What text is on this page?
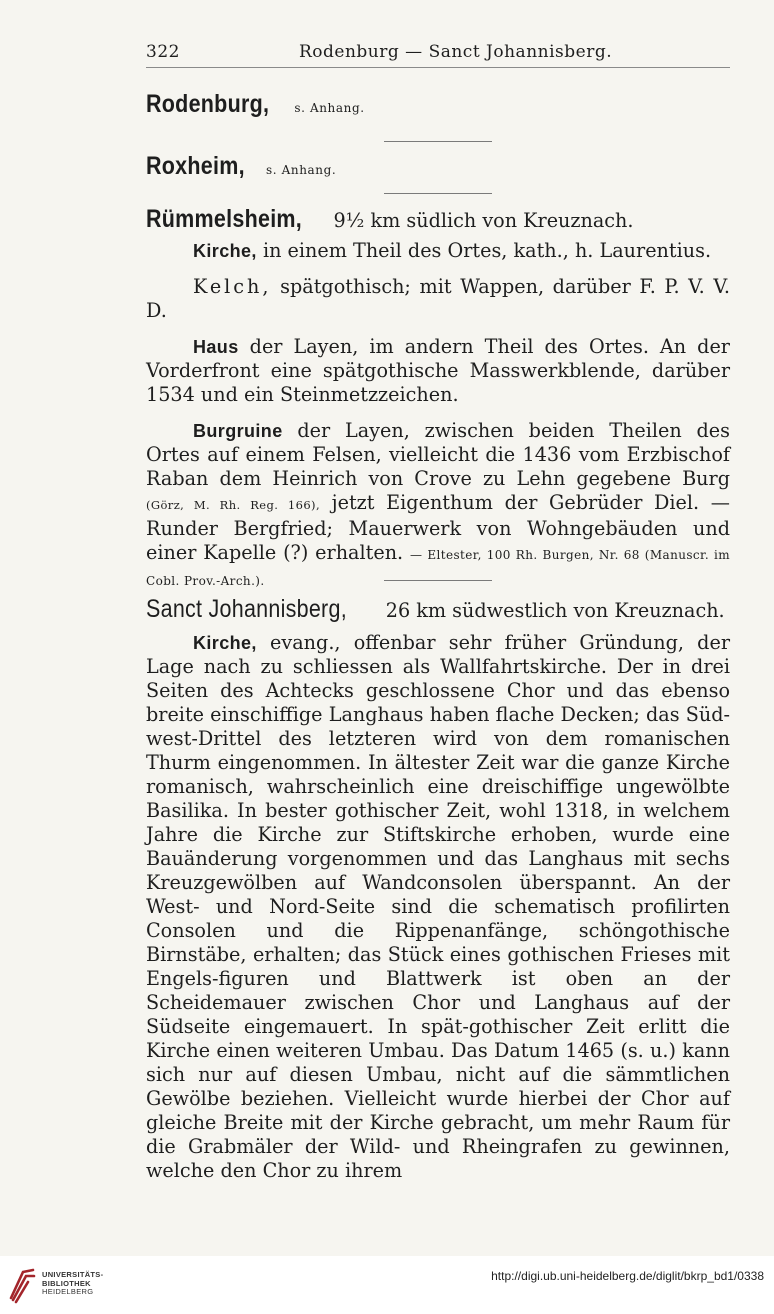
322	Rodenburg — Sanct Johannisberg.
Rodenburg, s. Anhang.
Roxheim, s. Anhang.
Rümmelsheim, 9½ km südlich von Kreuznach.

Kirche, in einem Theil des Ortes, kath., h. Laurentius.

Kelch, spätgothisch; mit Wappen, darüber F. P. V. V. D.

Haus der Layen, im andern Theil des Ortes. An der Vorderfront eine spätgothische Masswerkblende, darüber 1534 und ein Steinmetzzeichen.

Burgruine der Layen, zwischen beiden Theilen des Ortes auf einem Felsen, vielleicht die 1436 vom Erzbischof Raban dem Heinrich von Crove zu Lehn gegebene Burg (Görz, M. Rh. Reg. 166), jetzt Eigenthum der Gebrüder Diel. — Runder Bergfried; Mauerwerk von Wohngebäuden und einer Kapelle (?) erhalten. — Eltester, 100 Rh. Burgen, Nr. 68 (Manuscr. im Cobl. Prov.-Arch.).

Sanct Johannisberg, 26 km südwestlich von Kreuznach.

Kirche, evang., offenbar sehr früher Gründung, der Lage nach zu schliessen als Wallfahrtskirche. Der in drei Seiten des Achtecks geschlossene Chor und das ebenso breite einschiffige Langhaus haben flache Decken; das Süd-west-Drittel des letzteren wird von dem romanischen Thurm eingenommen. In ältester Zeit war die ganze Kirche romanisch, wahrscheinlich eine dreischiffige ungewölbte Basilika. In bester gothischer Zeit, wohl 1318, in welchem Jahre die Kirche zur Stiftskirche erhoben, wurde eine Bauänderung vorgenommen und das Langhaus mit sechs Kreuzgewölben auf Wandconsolen überspannt. An der West- und Nord-Seite sind die schematisch profilirten Consolen und die Rippenanfänge, schöngothische Birnstäbe, erhalten; das Stück eines gothischen Frieses mit Engels-figuren und Blattwerk ist oben an der Scheidemauer zwischen Chor und Langhaus auf der Südseite eingemauert. In spät-gothischer Zeit erlitt die Kirche einen weiteren Umbau. Das Datum 1465 (s. u.) kann sich nur auf diesen Umbau, nicht auf die sämmtlichen Gewölbe beziehen. Vielleicht wurde hierbei der Chor auf gleiche Breite mit der Kirche gebracht, um mehr Raum für die Grabmäler der Wild- und Rheingrafen zu gewinnen, welche den Chor zu ihrem

UNIVERSITÄTS-
BIBLIOTHEK
HEIDELBERG
http://digi.ub.uni-heidelberg.de/diglit/bkrp_bd1/0338
